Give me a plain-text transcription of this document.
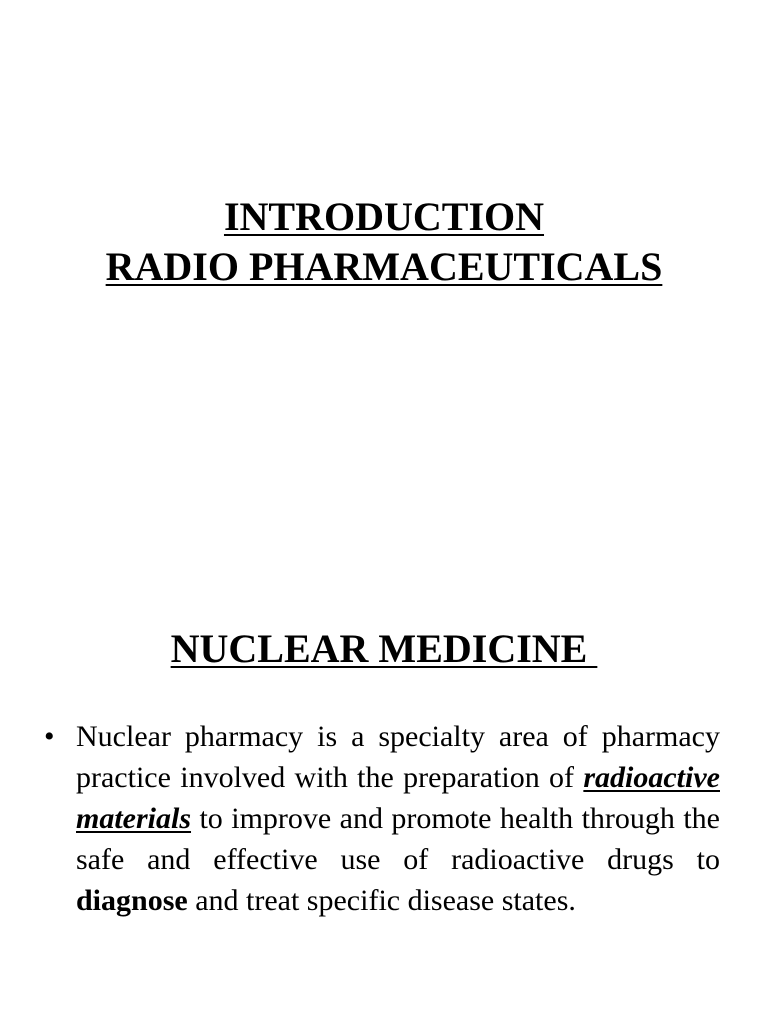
INTRODUCTION
RADIO PHARMACEUTICALS
NUCLEAR MEDICINE
• Nuclear pharmacy is a specialty area of pharmacy practice involved with the preparation of radioactive materials to improve and promote health through the safe and effective use of radioactive drugs to diagnose and treat specific disease states.
